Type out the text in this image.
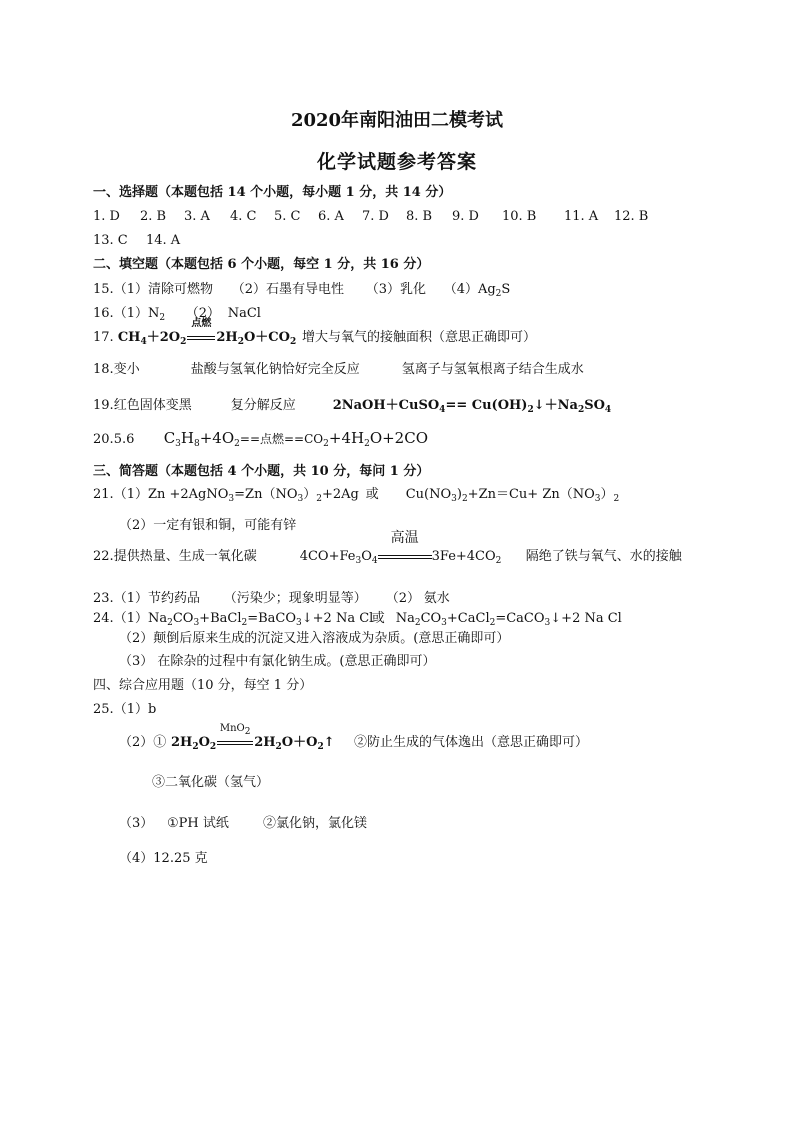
2020年南阳油田二模考试
化学试题参考答案
一、选择题（本题包括 14 个小题，每小题 1 分，共 14 分）
1. D 2. B 3. A 4. C 5. C 6. A 7. D 8. B 9. D 10. B 11. A 12. B
13. C 14. A
二、填空题（本题包括 6 个小题，每空 1 分，共 16 分）
15.（1）清除可燃物 （2）石墨有导电性 （3）乳化 $(4)Ag_2S$
$16.(1)N_2$ （2） NaCl
17. $CH_4+2O_2$
点燃
$2H_2O+CO_2$ 增大与氧气的接触面积（意思正确即可）
18.变小	盐酸与氢氧化钠恰好完全反应	氢离子与氢氧根离子结合生成水
19.红色固体变黑	复分解反应	2NaOH＋CuSO$_4$== $Cu(OH)_2↓+Na_2SO_4$
20.5.6 $C_3H_8+4O_2==$点燃$==CO_2+4H_2O+2CO$
三、简答题（本题包括 4 个小题，共 10 分，每问 1 分）
$21.(1)Zn +2AgNO_3=Zn(NO_3)_2+2Ag$ 或 $Cu(NO_3)_2+Zn=Cu+ Zn(NO_3)_2$
（2）一定有银和铜，可能有锌
22.提供热量、生成一氧化碳	$4CO+Fe_3O_4$
高温
$3Fe+4CO_2$ 隔绝了铁与氧气、水的接触
23.（1）节约药品 （污染少；现象明显等） （2） 氨水
$24.(1)Na_2CO_3+BaCl_2=BaCO_3↓+2$ Na Cl或 $Na_2CO_3+CaCl_2=CaCO_3↓+2$ Na Cl
（2）颠倒后原来生成的沉淀又进入溶液成为杂质。(意思正确即可）
（3） 在除杂的过程中有氯化钠生成。(意思正确即可）
四、综合应用题（10 分，每空 1 分）
25.（1）b
（2）① $2H_2O_2$
MnO$_2$
$2H_2O+O_2↑$ ②防止生成的气体逸出（意思正确即可）
③二氧化碳（氢气）
（3） ①PH 试纸	②氯化钠，氯化镁
（4）12.25 克
